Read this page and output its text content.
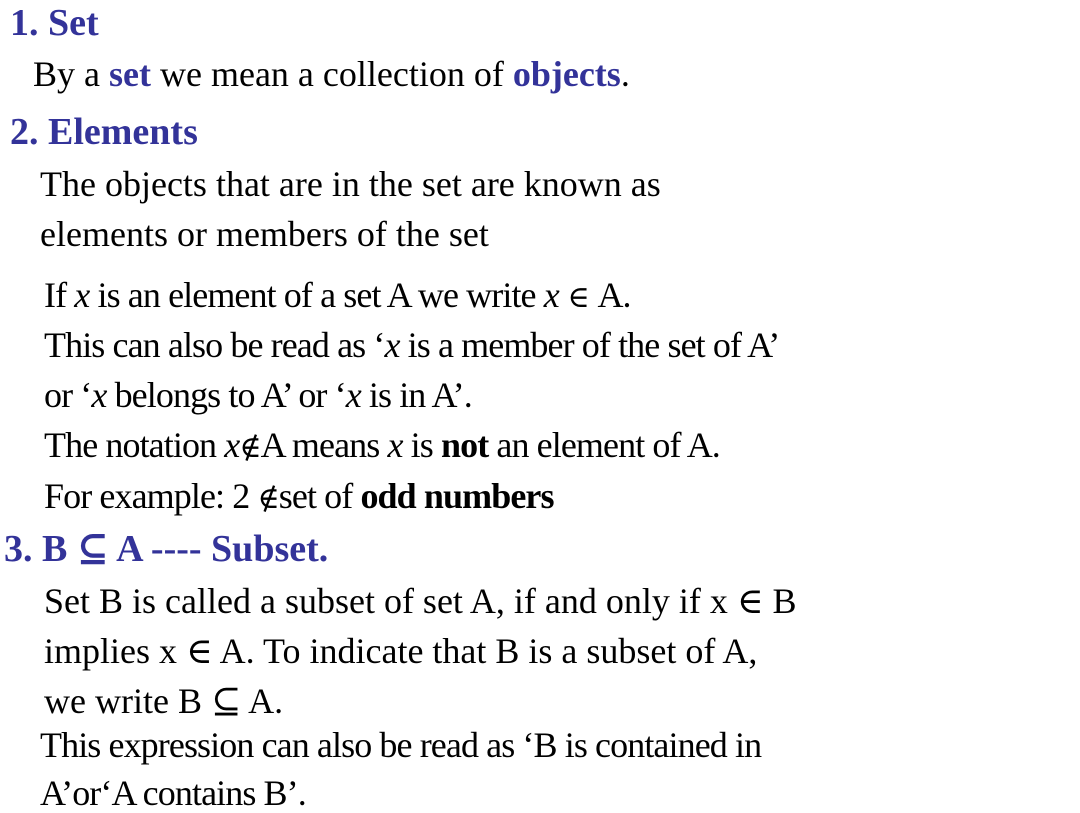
1. Set
By a set we mean a collection of objects.
2. Elements
The objects that are in the set are known as
elements or members of the set
If x is an element of a set A we write x ∈ A.
This can also be read as ‘x is a member of the set of A’
or ‘x belongs to A’ or ‘x is in A’.
The notation x∉A means x is not an element of A.
For example: 2 ∉set of odd numbers
3. B ⊆ A ---- Subset.
Set B is called a subset of set A, if and only if x ∈ B
implies x ∈ A. To indicate that B is a subset of A,
we write B ⊆ A.
This expression can also be read as ‘B is contained in
A’or‘A contains B’.
